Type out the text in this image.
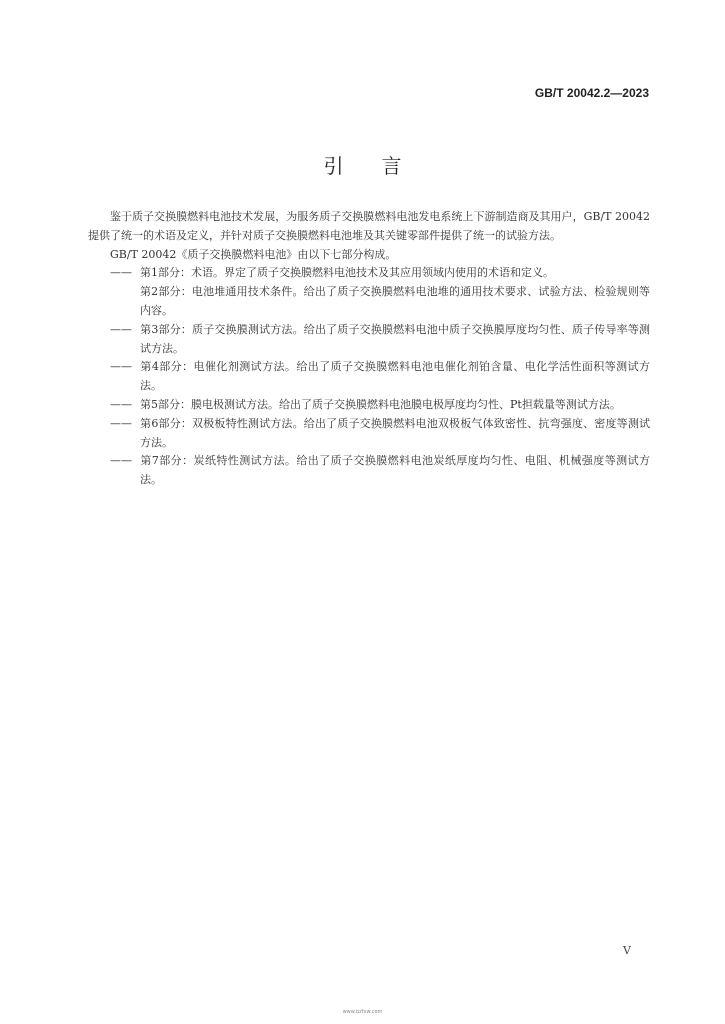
GB/T 20042.2—2023
引言

鉴于质子交换膜燃料电池技术发展，为服务质子交换膜燃料电池发电系统上下游制造商及其用户，GB/T 20042提供了统一的术语及定义，并针对质子交换膜燃料电池堆及其关键零部件提供了统一的试验方法。

GB/T 20042《质子交换膜燃料电池》由以下七部分构成。

—— 第1部分：术语。界定了质子交换膜燃料电池技术及其应用领域内使用的术语和定义。
第2部分：电池堆通用技术条件。给出了质子交换膜燃料电池堆的通用技术要求、试验方法、检验规则等内容。
—— 第3部分：质子交换膜测试方法。给出了质子交换膜燃料电池中质子交换膜厚度均匀性、质子传导率等测试方法。
—— 第4部分：电催化剂测试方法。给出了质子交换膜燃料电池电催化剂铂含量、电化学活性面积等测试方法。
—— 第5部分：膜电极测试方法。给出了质子交换膜燃料电池膜电极厚度均匀性、Pt担载量等测试方法。
—— 第6部分：双极板特性测试方法。给出了质子交换膜燃料电池双极板气体致密性、抗弯强度、密度等测试方法。
—— 第7部分：炭纸特性测试方法。给出了质子交换膜燃料电池炭纸厚度均匀性、电阻、机械强度等测试方法。
V
www.bzfxw.com
